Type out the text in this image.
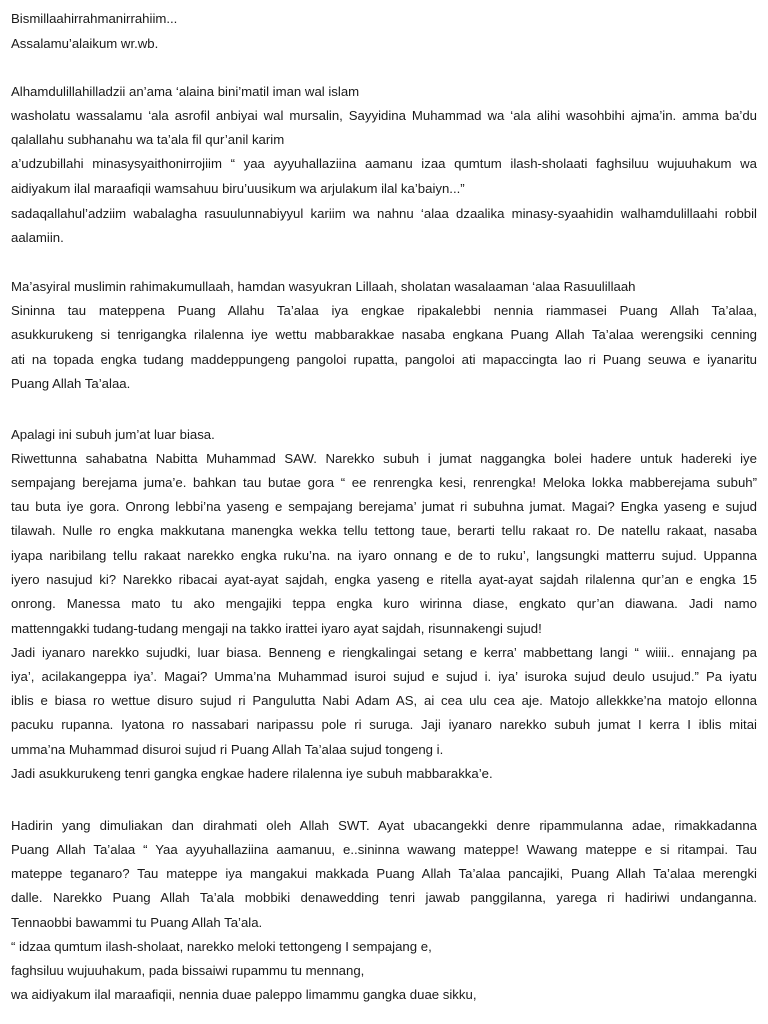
Bismillaahirrahmanirrahiim...
Assalamu’alaikum wr.wb.
Alhamdulillahilladzii an’ama ‘alaina bini’matil iman wal islam
washolatu wassalamu ‘ala asrofil anbiyai wal mursalin, Sayyidina Muhammad wa ‘ala alihi wasohbihi ajma’in. amma ba’du
qalallahu subhanahu wa ta’ala fil qur’anil karim
a’udzubillahi minasysyaithonirrojiim “ yaa ayyuhallaziina aamanu izaa qumtum ilash-sholaati faghsiluu wujuuhakum wa
aidiyakum ilal maraafiqii wamsahuu biru’uusikum wa arjulakum ilal ka’baiyn...”
sadaqallahul’adziim wabalagha rasuulunnabiyyul kariim wa nahnu ‘alaa dzaalika minasy-syaahidin walhamdulillaahi robbil
aalamiin.
Ma’asyiral muslimin rahimakumullaah, hamdan wasyukran Lillaah, sholatan wasalaaman ‘alaa Rasuulillaah
Sininna tau mateppena Puang Allahu Ta’alaa iya engkae ripakalebbi nennia riammasei Puang Allah Ta’alaa,
asukkurukeng si tenrigangka rilalenna iye wettu mabbarakkae nasaba engkana Puang Allah Ta’alaa werengsiki cenning
ati na topada engka tudang maddeppungeng pangoloi rupatta, pangoloi ati mapaccingta lao ri Puang seuwa e iyanaritu
Puang Allah Ta’alaa.
Apalagi ini subuh jum’at luar biasa.
Riwettunna sahabatna Nabitta Muhammad SAW. Narekko subuh i jumat naggangka bolei hadere untuk hadereki iye
sempajang berejama juma’e. bahkan tau butae gora “ ee renrengka kesi, renrengka! Meloka lokka mabberejama subuh”
tau buta iye gora. Onrong lebbi’na yaseng e sempajang berejama’ jumat ri subuhna jumat. Magai? Engka yaseng e sujud
tilawah. Nulle ro engka makkutana manengka wekka tellu tettong taue, berarti tellu rakaat ro. De natellu rakaat, nasaba
iyapa naribilang tellu rakaat narekko engka ruku’na. na iyaro onnang e de to ruku’, langsungki matterru sujud. Uppanna
iyero nasujud ki? Narekko ribacai ayat-ayat sajdah, engka yaseng e ritella ayat-ayat sajdah rilalenna qur’an e engka 15
onrong. Manessa mato tu ako mengajiki teppa engka kuro wirinna diase, engkato qur’an diawana. Jadi namo
mattenngakki tudang-tudang mengaji na takko irattei iyaro ayat sajdah, risunnakengi sujud!
Jadi iyanaro narekko sujudki, luar biasa. Benneng e riengkalingai setang e kerra’ mabbettang langi “ wiiii.. ennajang pa
iya’, acilakangeppa iya’. Magai? Umma’na Muhammad isuroi sujud e sujud i. iya’ isuroka sujud deulo usujud.” Pa iyatu
iblis e biasa ro wettue disuro sujud ri Pangulutta Nabi Adam AS, ai cea ulu cea aje. Matojo allekkke’na matojo ellonna
pacuku rupanna. Iyatona ro nassabari naripassu pole ri suruga. Jaji iyanaro narekko subuh jumat I kerra I iblis mitai
umma’na Muhammad disuroi sujud ri Puang Allah Ta’alaa sujud tongeng i.
Jadi asukkurukeng tenri gangka engkae hadere rilalenna iye subuh mabbarakka’e.
Hadirin yang dimuliakan dan dirahmati oleh Allah SWT. Ayat ubacangekki denre ripammulanna adae, rimakkadanna
Puang Allah Ta’alaa “ Yaa ayyuhallaziina aamanuu, e..sininna wawang mateppe! Wawang mateppe e si ritampai. Tau
mateppe teganaro? Tau mateppe iya mangakui makkada Puang Allah Ta’alaa pancajiki, Puang Allah Ta’alaa merengki
dalle. Narekko Puang Allah Ta’ala mobbiki denawedding tenri jawab panggilanna, yarega ri hadiriwi undanganna.
Tennaobbi bawammi tu Puang Allah Ta’ala.
“ idzaa qumtum ilash-sholaat, narekko meloki tettongeng I sempajang e,
faghsiluu wujuuhakum, pada bissaiwi rupammu tu mennang,
wa aidiyakum ilal maraafiqii, nennia duae paleppo limammu gangka duae sikku,
